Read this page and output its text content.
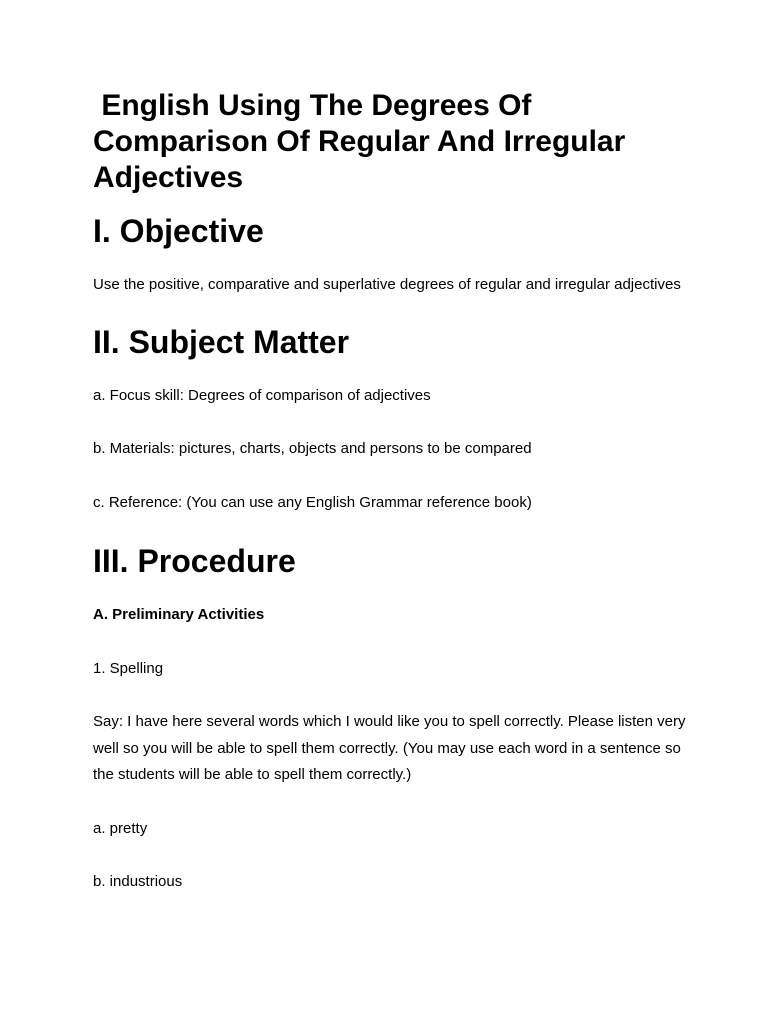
English Using The Degrees Of Comparison Of Regular And Irregular Adjectives
I. Objective

Use the positive, comparative and superlative degrees of regular and irregular adjectives

II. Subject Matter

a. Focus skill: Degrees of comparison of adjectives

b. Materials: pictures, charts, objects and persons to be compared

c. Reference: (You can use any English Grammar reference book)

III. Procedure

A. Preliminary Activities

1. Spelling

Say: I have here several words which I would like you to spell correctly. Please listen very well so you will be able to spell them correctly. (You may use each word in a sentence so the students will be able to spell them correctly.)

a. pretty

b. industrious
